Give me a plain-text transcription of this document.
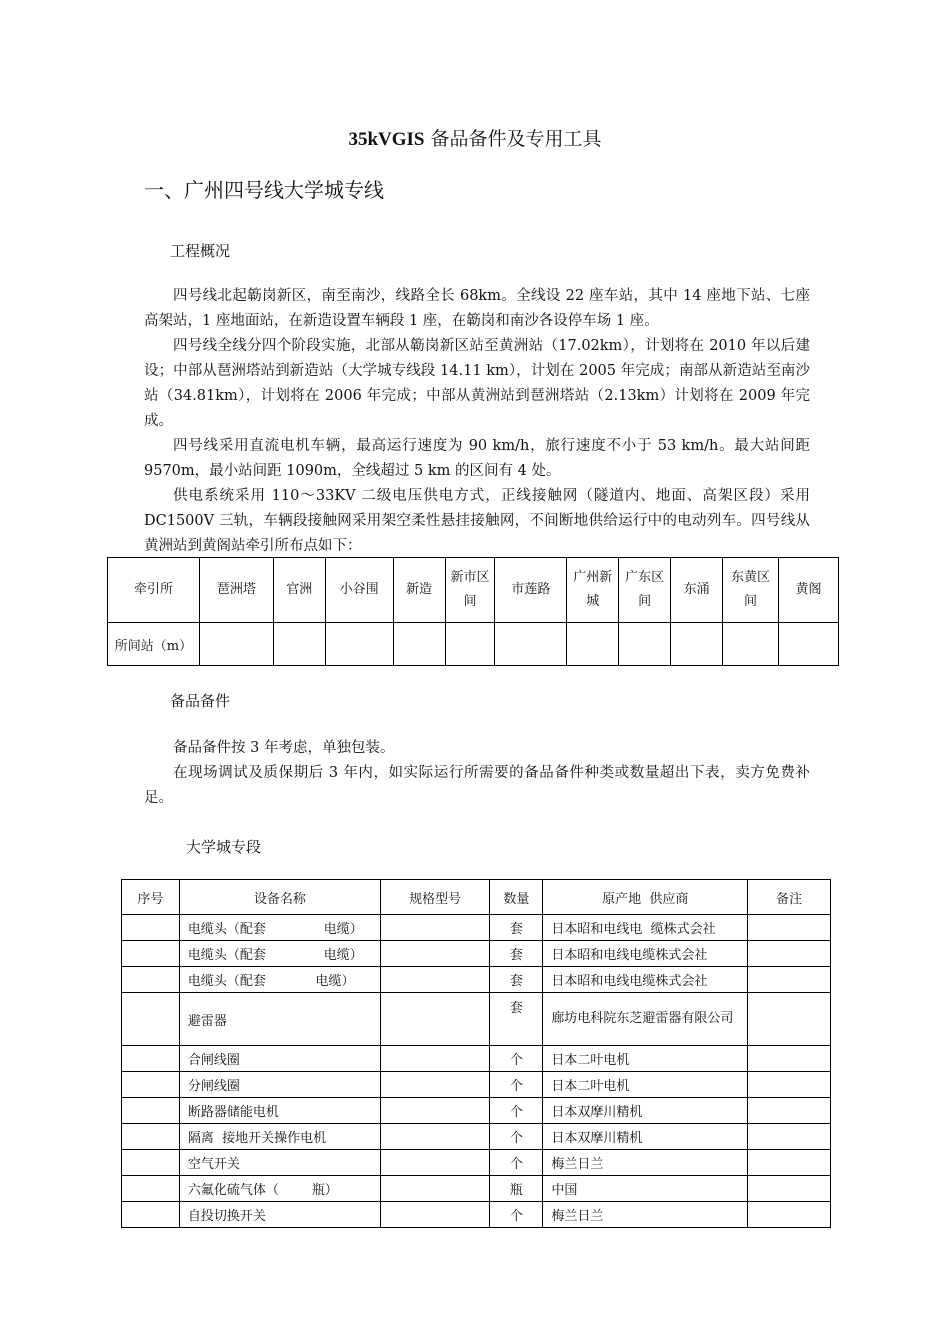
35kVGIS 备品备件及专用工具
一、广州四号线大学城专线
工程概况

四号线北起簕岗新区，南至南沙，线路全长 68km。全线设 22 座车站，其中 14 座地下站、七座高架站，1 座地面站，在新造设置车辆段 1 座，在簕岗和南沙各设停车场 1 座。

四号线全线分四个阶段实施，北部从簕岗新区站至黄洲站（17.02km），计划将在 2010 年以后建设；中部从琶洲塔站到新造站（大学城专线段 14.11 km），计划在 2005 年完成；南部从新造站至南沙站（34.81km），计划将在 2006 年完成；中部从黄洲站到琶洲塔站（2.13km）计划将在 2009 年完成。

四号线采用直流电机车辆，最高运行速度为 90 km/h，旅行速度不小于 53 km/h。最大站间距 9570m，最小站间距 1090m，全线超过 5 km 的区间有 4 处。

供电系统采用 110～33KV 二级电压供电方式，正线接触网（隧道内、地面、高架区段）采用 DC1500V 三轨，车辆段接触网采用架空柔性悬挂接触网，不间断地供给运行中的电动列车。四号线从黄洲站到黄阁站牵引所布点如下：

牵引所	琶洲塔	官洲	小谷围	新造	新市区间	市莲路	广州新城	广东区间	东涌	东黄区间	黄阁
所间站（m）											
备品备件

备品备件按 3 年考虑，单独包装。

在现场调试及质保期后 3 年内，如实际运行所需要的备品备件种类或数量超出下表，卖方免费补足。

大学城专段
序号	设备名称	规格型号	数量	原产地  供应商	备注
	电缆头（配套              电缆）		套	日本昭和电线电  缆株式会社	
	电缆头（配套              电缆）		套	日本昭和电线电缆株式会社	
	电缆头（配套            电缆）		套	日本昭和电线电缆株式会社	
	避雷器		套	廊坊电科院东芝避雷器有限公司	
	合闸线圈		个	日本二叶电机	
	分闸线圈		个	日本二叶电机	
	断路器储能电机		个	日本双摩川精机	
	隔离  接地开关操作电机		个	日本双摩川精机	
	空气开关		个	梅兰日兰	
	六氟化硫气体（        瓶）		瓶	中国	
	自投切换开关		个	梅兰日兰	
